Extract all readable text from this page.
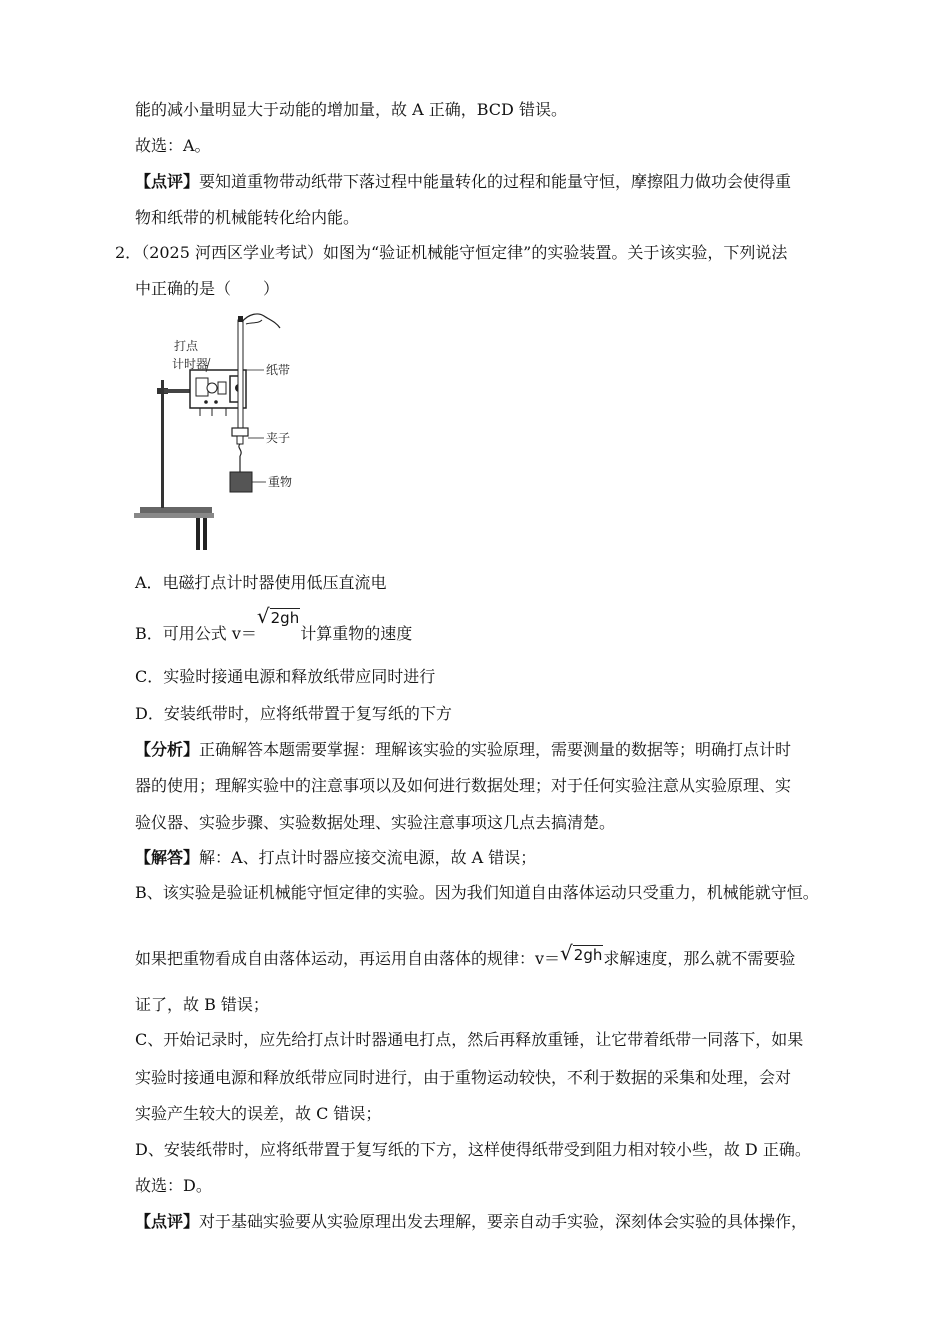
能的减小量明显大于动能的增加量，故 A 正确，BCD 错误。
故选：A。
【点评】要知道重物带动纸带下落过程中能量转化的过程和能量守恒，摩擦阻力做功会使得重
物和纸带的机械能转化给内能。
2．（2025 河西区学业考试）如图为“验证机械能守恒定律”的实验装置。关于该实验，下列说法
中正确的是（　　）
打点
计时器	纸带
夹子
重物
A．电磁打点计时器使用低压直流电
B．可用公式 v＝√2gh计算重物的速度
C．实验时接通电源和释放纸带应同时进行
D．安装纸带时，应将纸带置于复写纸的下方
【分析】正确解答本题需要掌握：理解该实验的实验原理，需要测量的数据等；明确打点计时
器的使用；理解实验中的注意事项以及如何进行数据处理；对于任何实验注意从实验原理、实
验仪器、实验步骤、实验数据处理、实验注意事项这几点去搞清楚。
【解答】解：A、打点计时器应接交流电源，故 A 错误；
B、该实验是验证机械能守恒定律的实验。因为我们知道自由落体运动只受重力，机械能就守恒。
如果把重物看成自由落体运动，再运用自由落体的规律：v＝√2gh求解速度，那么就不需要验
证了，故 B 错误；
C、开始记录时，应先给打点计时器通电打点，然后再释放重锤，让它带着纸带一同落下，如果
实验时接通电源和释放纸带应同时进行，由于重物运动较快，不利于数据的采集和处理，会对
实验产生较大的误差，故 C 错误；
D、安装纸带时，应将纸带置于复写纸的下方，这样使得纸带受到阻力相对较小些，故 D 正确。
故选：D。
【点评】对于基础实验要从实验原理出发去理解，要亲自动手实验，深刻体会实验的具体操作，
